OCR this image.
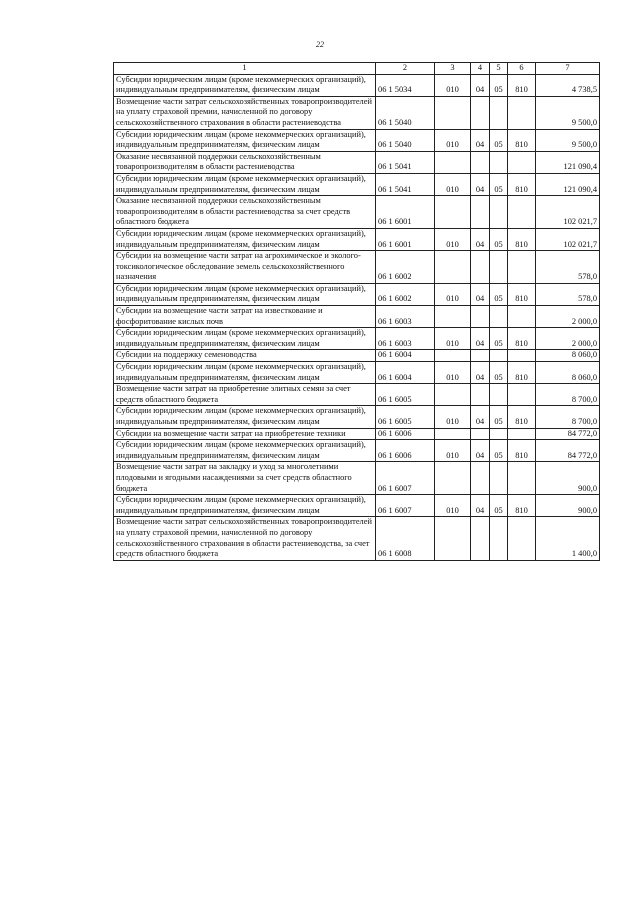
22
1	2	3	4	5	6	7
Субсидии юридическим лицам (кроме некоммерческих организаций), индивидуальным предпринимателям, физическим лицам	06 1 5034	010	04	05	810	4 738,5
Возмещение части затрат сельскохозяйственных товаропроизводителей на уплату страховой премии, начисленной по договору сельскохозяйственного страхования в области растениеводства	06 1 5040					9 500,0
Субсидии юридическим лицам (кроме некоммерческих организаций), индивидуальным предпринимателям, физическим лицам	06 1 5040	010	04	05	810	9 500,0
Оказание несвязанной поддержки сельскохозяйственным товаропроизводителям в области растениеводства	06 1 5041					121 090,4
Субсидии юридическим лицам (кроме некоммерческих организаций), индивидуальным предпринимателям, физическим лицам	06 1 5041	010	04	05	810	121 090,4
Оказание несвязанной поддержки сельскохозяйственным товаропроизводителям в области растениеводства за счет средств областного бюджета	06 1 6001					102 021,7
Субсидии юридическим лицам (кроме некоммерческих организаций), индивидуальным предпринимателям, физическим лицам	06 1 6001	010	04	05	810	102 021,7
Субсидии на возмещение части затрат на агрохимическое и эколого-токсикологическое обследование земель сельскохозяйственного назначения	06 1 6002					578,0
Субсидии юридическим лицам (кроме некоммерческих организаций), индивидуальным предпринимателям, физическим лицам	06 1 6002	010	04	05	810	578,0
Субсидии на возмещение части затрат на известкование и фосфоритование кислых почв	06 1 6003					2 000,0
Субсидии юридическим лицам (кроме некоммерческих организаций), индивидуальным предпринимателям, физическим лицам	06 1 6003	010	04	05	810	2 000,0
Субсидии на поддержку семеноводства	06 1 6004					8 060,0
Субсидии юридическим лицам (кроме некоммерческих организаций), индивидуальным предпринимателям, физическим лицам	06 1 6004	010	04	05	810	8 060,0
Возмещение части затрат на приобретение элитных семян за счет средств областного бюджета	06 1 6005					8 700,0
Субсидии юридическим лицам (кроме некоммерческих организаций), индивидуальным предпринимателям, физическим лицам	06 1 6005	010	04	05	810	8 700,0
Субсидии на возмещение части затрат на приобретение техники	06 1 6006					84 772,0
Субсидии юридическим лицам (кроме некоммерческих организаций), индивидуальным предпринимателям, физическим лицам	06 1 6006	010	04	05	810	84 772,0
Возмещение части затрат на закладку и уход за многолетними плодовыми и ягодными насаждениями за счет средств областного бюджета	06 1 6007					900,0
Субсидии юридическим лицам (кроме некоммерческих организаций), индивидуальным предпринимателям, физическим лицам	06 1 6007	010	04	05	810	900,0
Возмещение части затрат сельскохозяйственных товаропроизводителей на уплату страховой премии, начисленной по договору сельскохозяйственного страхования в области растениеводства, за счет средств областного бюджета	06 1 6008					1 400,0
